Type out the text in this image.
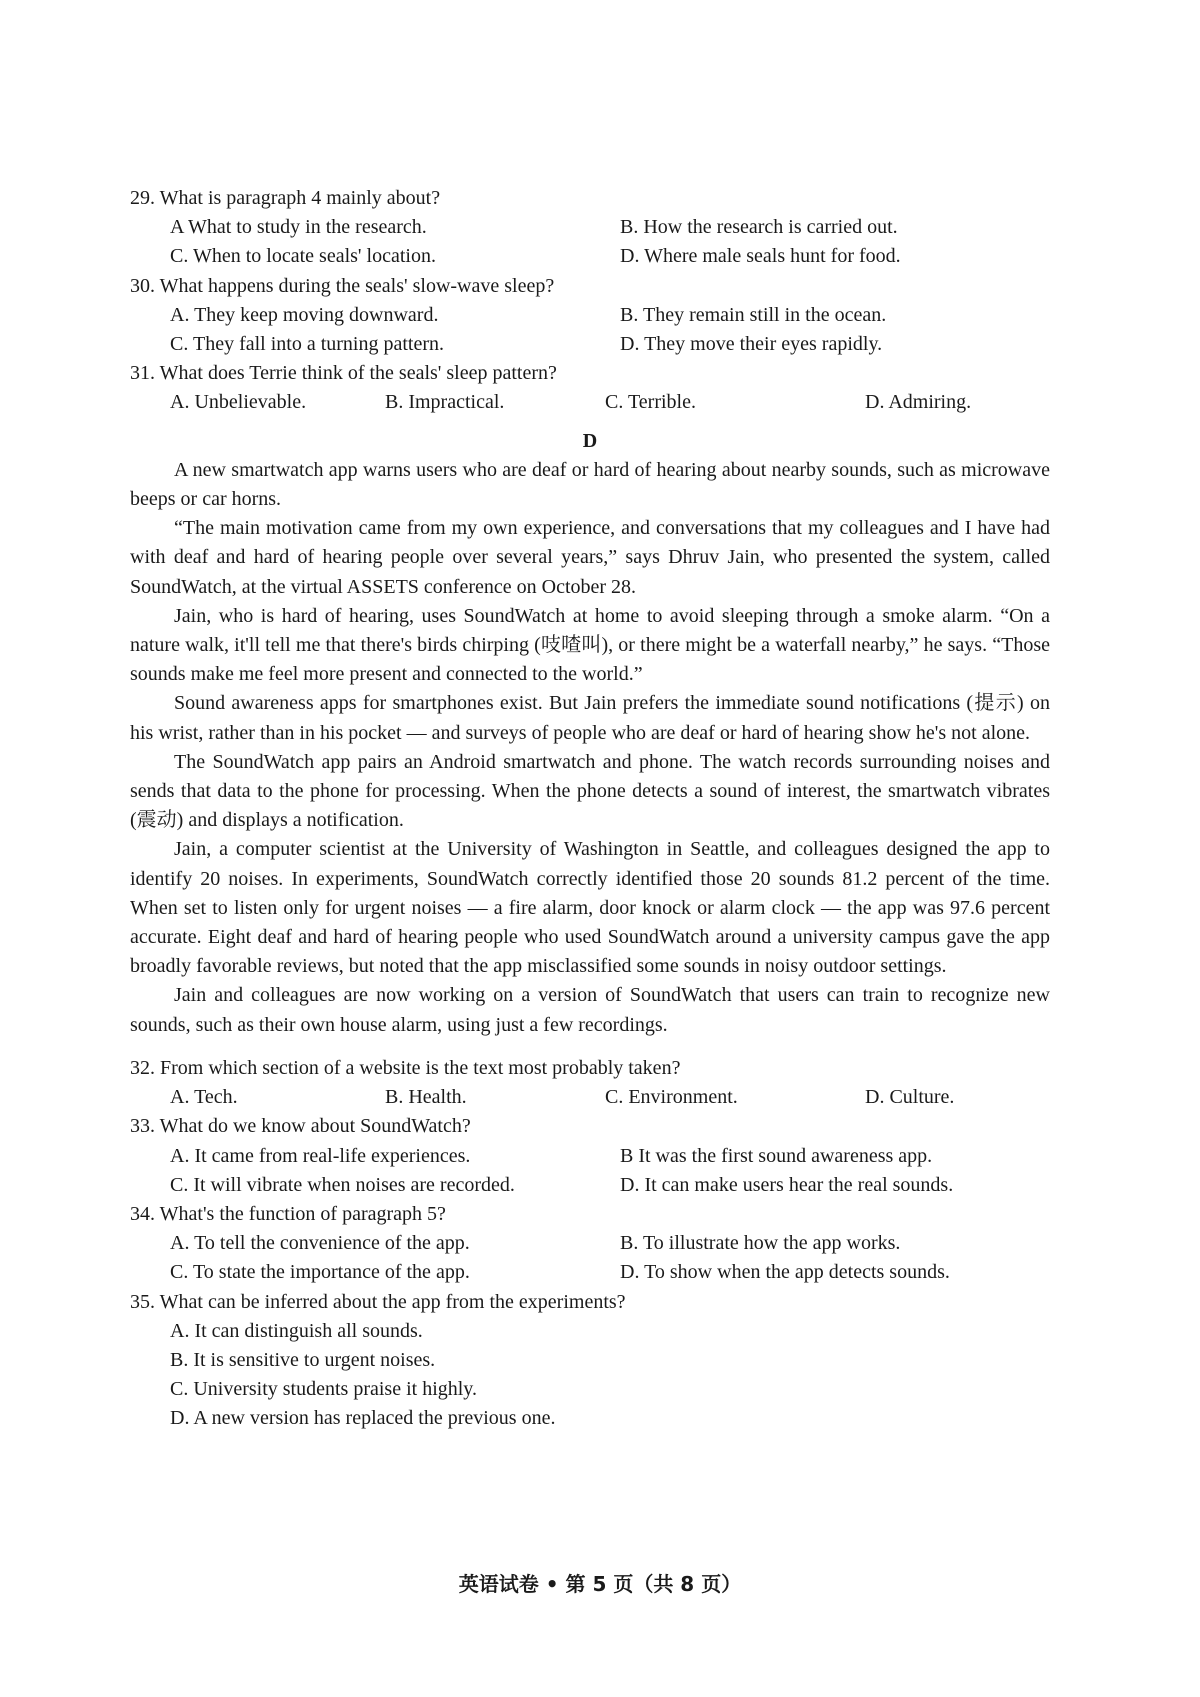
29. What is paragraph 4 mainly about?

A What to study in the research.	B. How the research is carried out.
C. When to locate seals' location.	D. Where male seals hunt for food.

30. What happens during the seals' slow-wave sleep?

A. They keep moving downward.	B. They remain still in the ocean.
C. They fall into a turning pattern.	D. They move their eyes rapidly.

31. What does Terrie think of the seals' sleep pattern?

A. Unbelievable.	B. Impractical.	C. Terrible.	D. Admiring.

D

A new smartwatch app warns users who are deaf or hard of hearing about nearby sounds, such as microwave beeps or car horns.

“The main motivation came from my own experience, and conversations that my colleagues and I have had with deaf and hard of hearing people over several years,” says Dhruv Jain, who presented the system, called SoundWatch, at the virtual ASSETS conference on October 28.

Jain, who is hard of hearing, uses SoundWatch at home to avoid sleeping through a smoke alarm. “On a nature walk, it'll tell me that there's birds chirping (吱喳叫), or there might be a waterfall nearby,” he says. “Those sounds make me feel more present and connected to the world.”

Sound awareness apps for smartphones exist. But Jain prefers the immediate sound notifications (提示) on his wrist, rather than in his pocket — and surveys of people who are deaf or hard of hearing show he's not alone.

The SoundWatch app pairs an Android smartwatch and phone. The watch records surrounding noises and sends that data to the phone for processing. When the phone detects a sound of interest, the smartwatch vibrates (震动) and displays a notification.

Jain, a computer scientist at the University of Washington in Seattle, and colleagues designed the app to identify 20 noises. In experiments, SoundWatch correctly identified those 20 sounds 81.2 percent of the time. When set to listen only for urgent noises — a fire alarm, door knock or alarm clock — the app was 97.6 percent accurate. Eight deaf and hard of hearing people who used SoundWatch around a university campus gave the app broadly favorable reviews, but noted that the app misclassified some sounds in noisy outdoor settings.

Jain and colleagues are now working on a version of SoundWatch that users can train to recognize new sounds, such as their own house alarm, using just a few recordings.

32. From which section of a website is the text most probably taken?

A. Tech.	B. Health.	C. Environment.	D. Culture.

33. What do we know about SoundWatch?

A. It came from real-life experiences.	B It was the first sound awareness app.
C. It will vibrate when noises are recorded.	D. It can make users hear the real sounds.

34. What's the function of paragraph 5?

A. To tell the convenience of the app.	B. To illustrate how the app works.
C. To state the importance of the app.	D. To show when the app detects sounds.

35. What can be inferred about the app from the experiments?

A. It can distinguish all sounds.
B. It is sensitive to urgent noises.
C. University students praise it highly.
D. A new version has replaced the previous one.
英语试卷 • 第 5 页（共 8 页）
